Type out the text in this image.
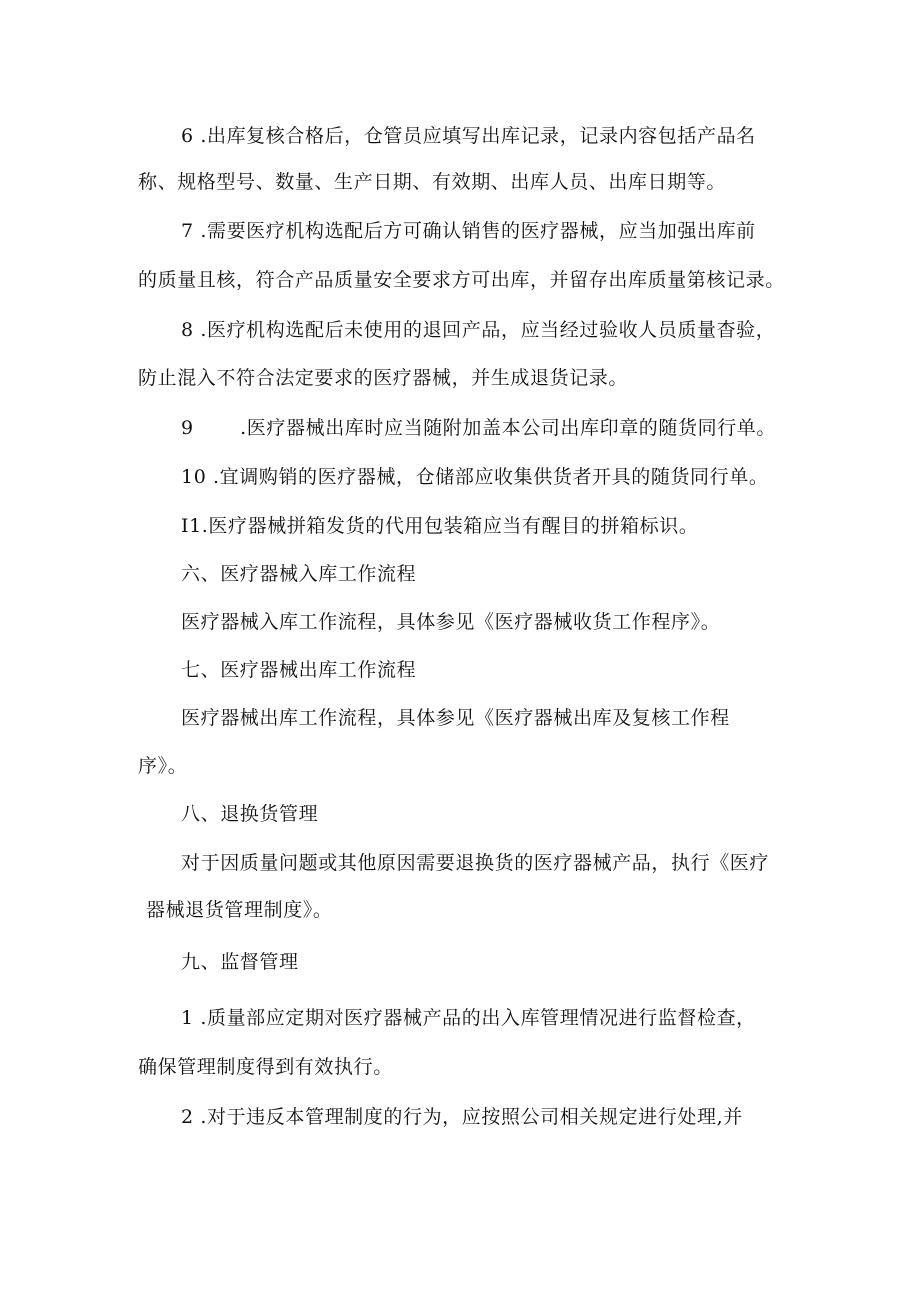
6 .出库复核合格后，仓管员应填写出库记录，记录内容包括产品名
称、规格型号、数量、生产日期、有效期、出库人员、出库日期等。
7 .需要医疗机构选配后方可确认销售的医疗器械，应当加强出库前
的质量且核，符合产品质量安全要求方可出库，并留存出库质量第核记录。
8 .医疗机构选配后未使用的退回产品，应当经过验收人员质量杳验，
防止混入不符合法定要求的医疗器械，并生成退货记录。
9       .医疗器械出库时应当随附加盖本公司出库印章的随货同行单。
10 .宜调购销的医疗器械，仓储部应收集供货者开具的随货同行单。
I1.医疗器械拼箱发货的代用包装箱应当有醒目的拼箱标识。
六、医疗器械入库工作流程
医疗器械入库工作流程，具体参见《医疗器械收货工作程序》。
七、医疗器械出库工作流程
医疗器械出库工作流程，具体参见《医疗器械出库及复核工作程
序》。
八、退换货管理
对于因质量问题或其他原因需要退换货的医疗器械产品，执行《医疗
器械退货管理制度》。
九、监督管理
1 .质量部应定期对医疗器械产品的出入库管理情况进行监督检查，
确保管理制度得到有效执行。
2 .对于违反本管理制度的行为，应按照公司相关规定进行处理,并
